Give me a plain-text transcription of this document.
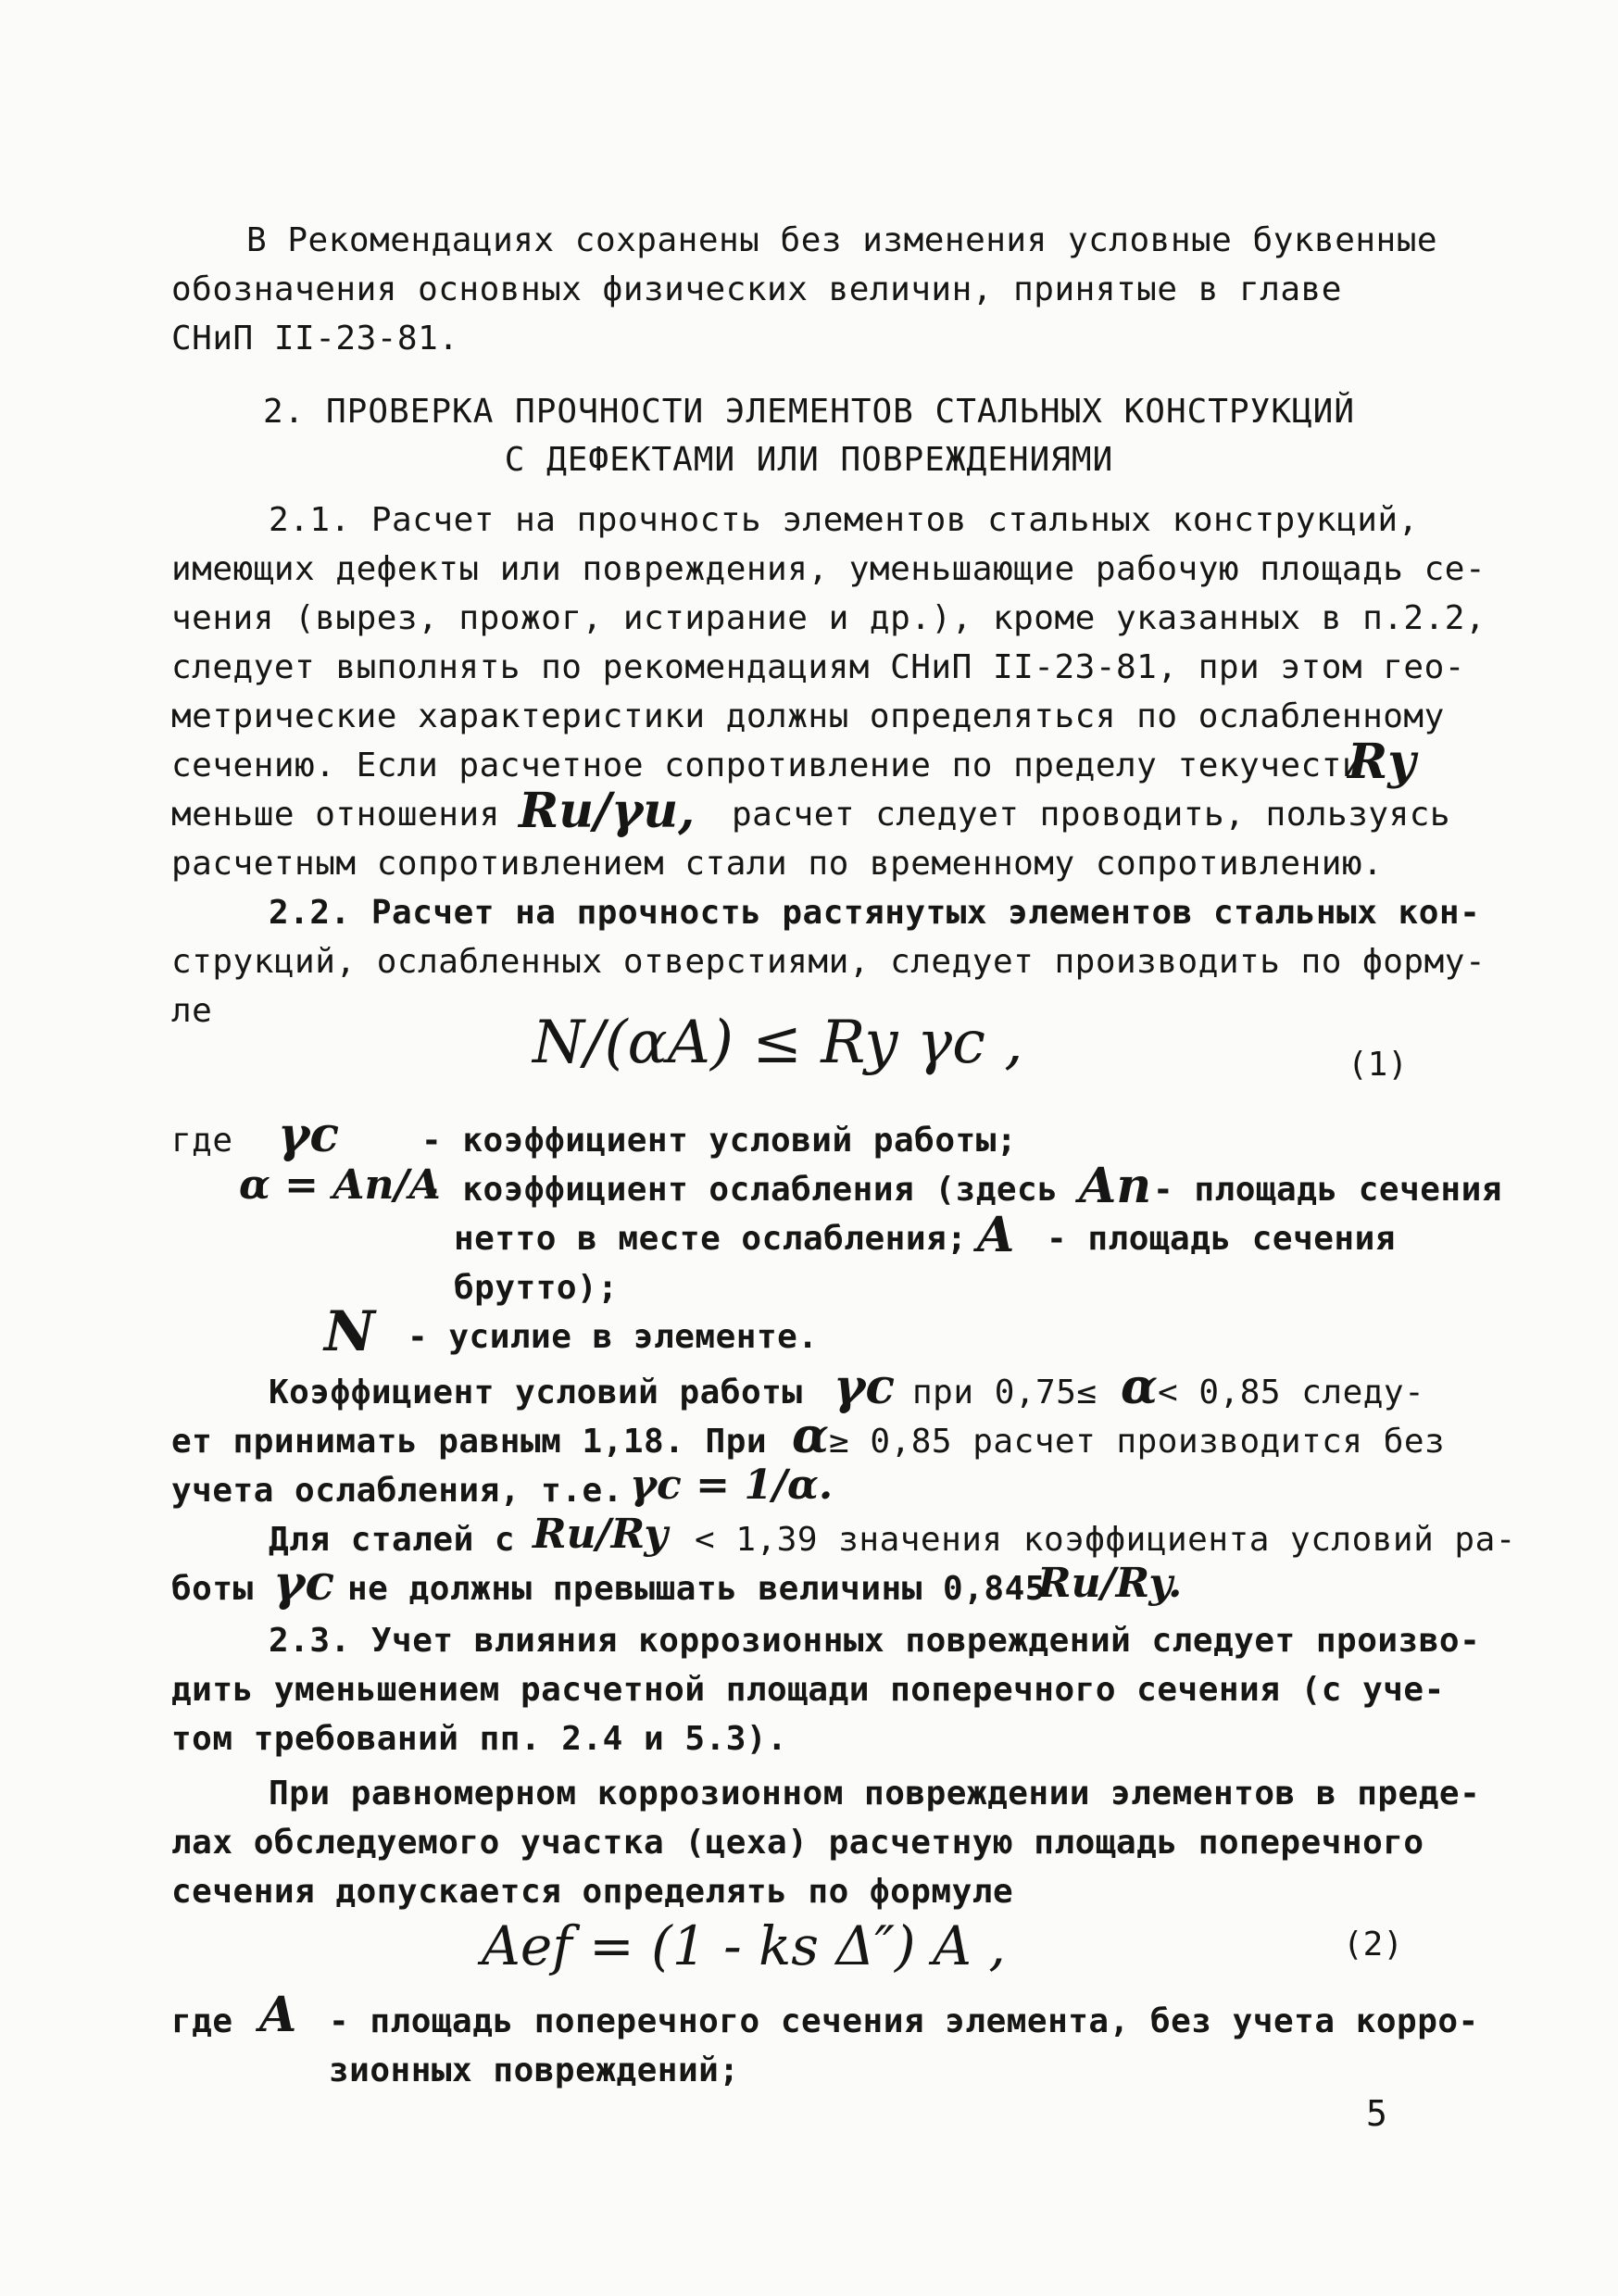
В Рекомендациях сохранены без изменения условные буквенные
обозначения основных физических величин, принятые в главе
СНиП II-23-81.
2. ПРОВЕРКА ПРОЧНОСТИ ЭЛЕМЕНТОВ СТАЛЬНЫХ КОНСТРУКЦИЙ
С ДЕФЕКТАМИ ИЛИ ПОВРЕЖДЕНИЯМИ
2.1. Расчет на прочность элементов стальных конструкций,
имеющих дефекты или повреждения, уменьшающие рабочую площадь се-
чения (вырез, прожог, истирание и др.), кроме указанных в п.2.2,
следует выполнять по рекомендациям СНиП II-23-81, при этом гео-
метрические характеристики должны определяться по ослабленному
сечению. Если расчетное сопротивление по пределу текучести
Rу
меньше отношения Ru/γu, расчет следует проводить, пользуясь
расчетным сопротивлением стали по временному сопротивлению.
2.2. Расчет на прочность растянутых элементов стальных кон-
струкций, ослабленных отверстиями, следует производить по форму-
ле	N/(αA) ≤ Ry γc ,	(1)
где γc - коэффициент условий работы;
α = An/A
- коэффициент ослабления (здесь An - площадь сечения
нетто в месте ослабления; A - площадь сечения
брутто);
N - усилие в элементе.
Коэффициент условий работы γc при 0,75≤ α < 0,85 следу-
ет принимать равным 1,18. При α ≥ 0,85 расчет производится без
учета ослабления, т.е. γc = 1/α.
Для сталей с Ru/Ry < 1,39 значения коэффициента условий ра-
боты γc не должны превышать величины 0,845
Ru/Ry.
2.3. Учет влияния коррозионных повреждений следует произво-
дить уменьшением расчетной площади поперечного сечения (с уче-
том требований пп. 2.4 и 5.3).
При равномерном коррозионном повреждении элементов в преде-
лах обследуемого участка (цеха) расчетную площадь поперечного
сечения допускается определять по формуле
Aef = (1 - ks Δ″) A ,	(2)
где A - площадь поперечного сечения элемента, без учета корро-
зионных повреждений;
5
